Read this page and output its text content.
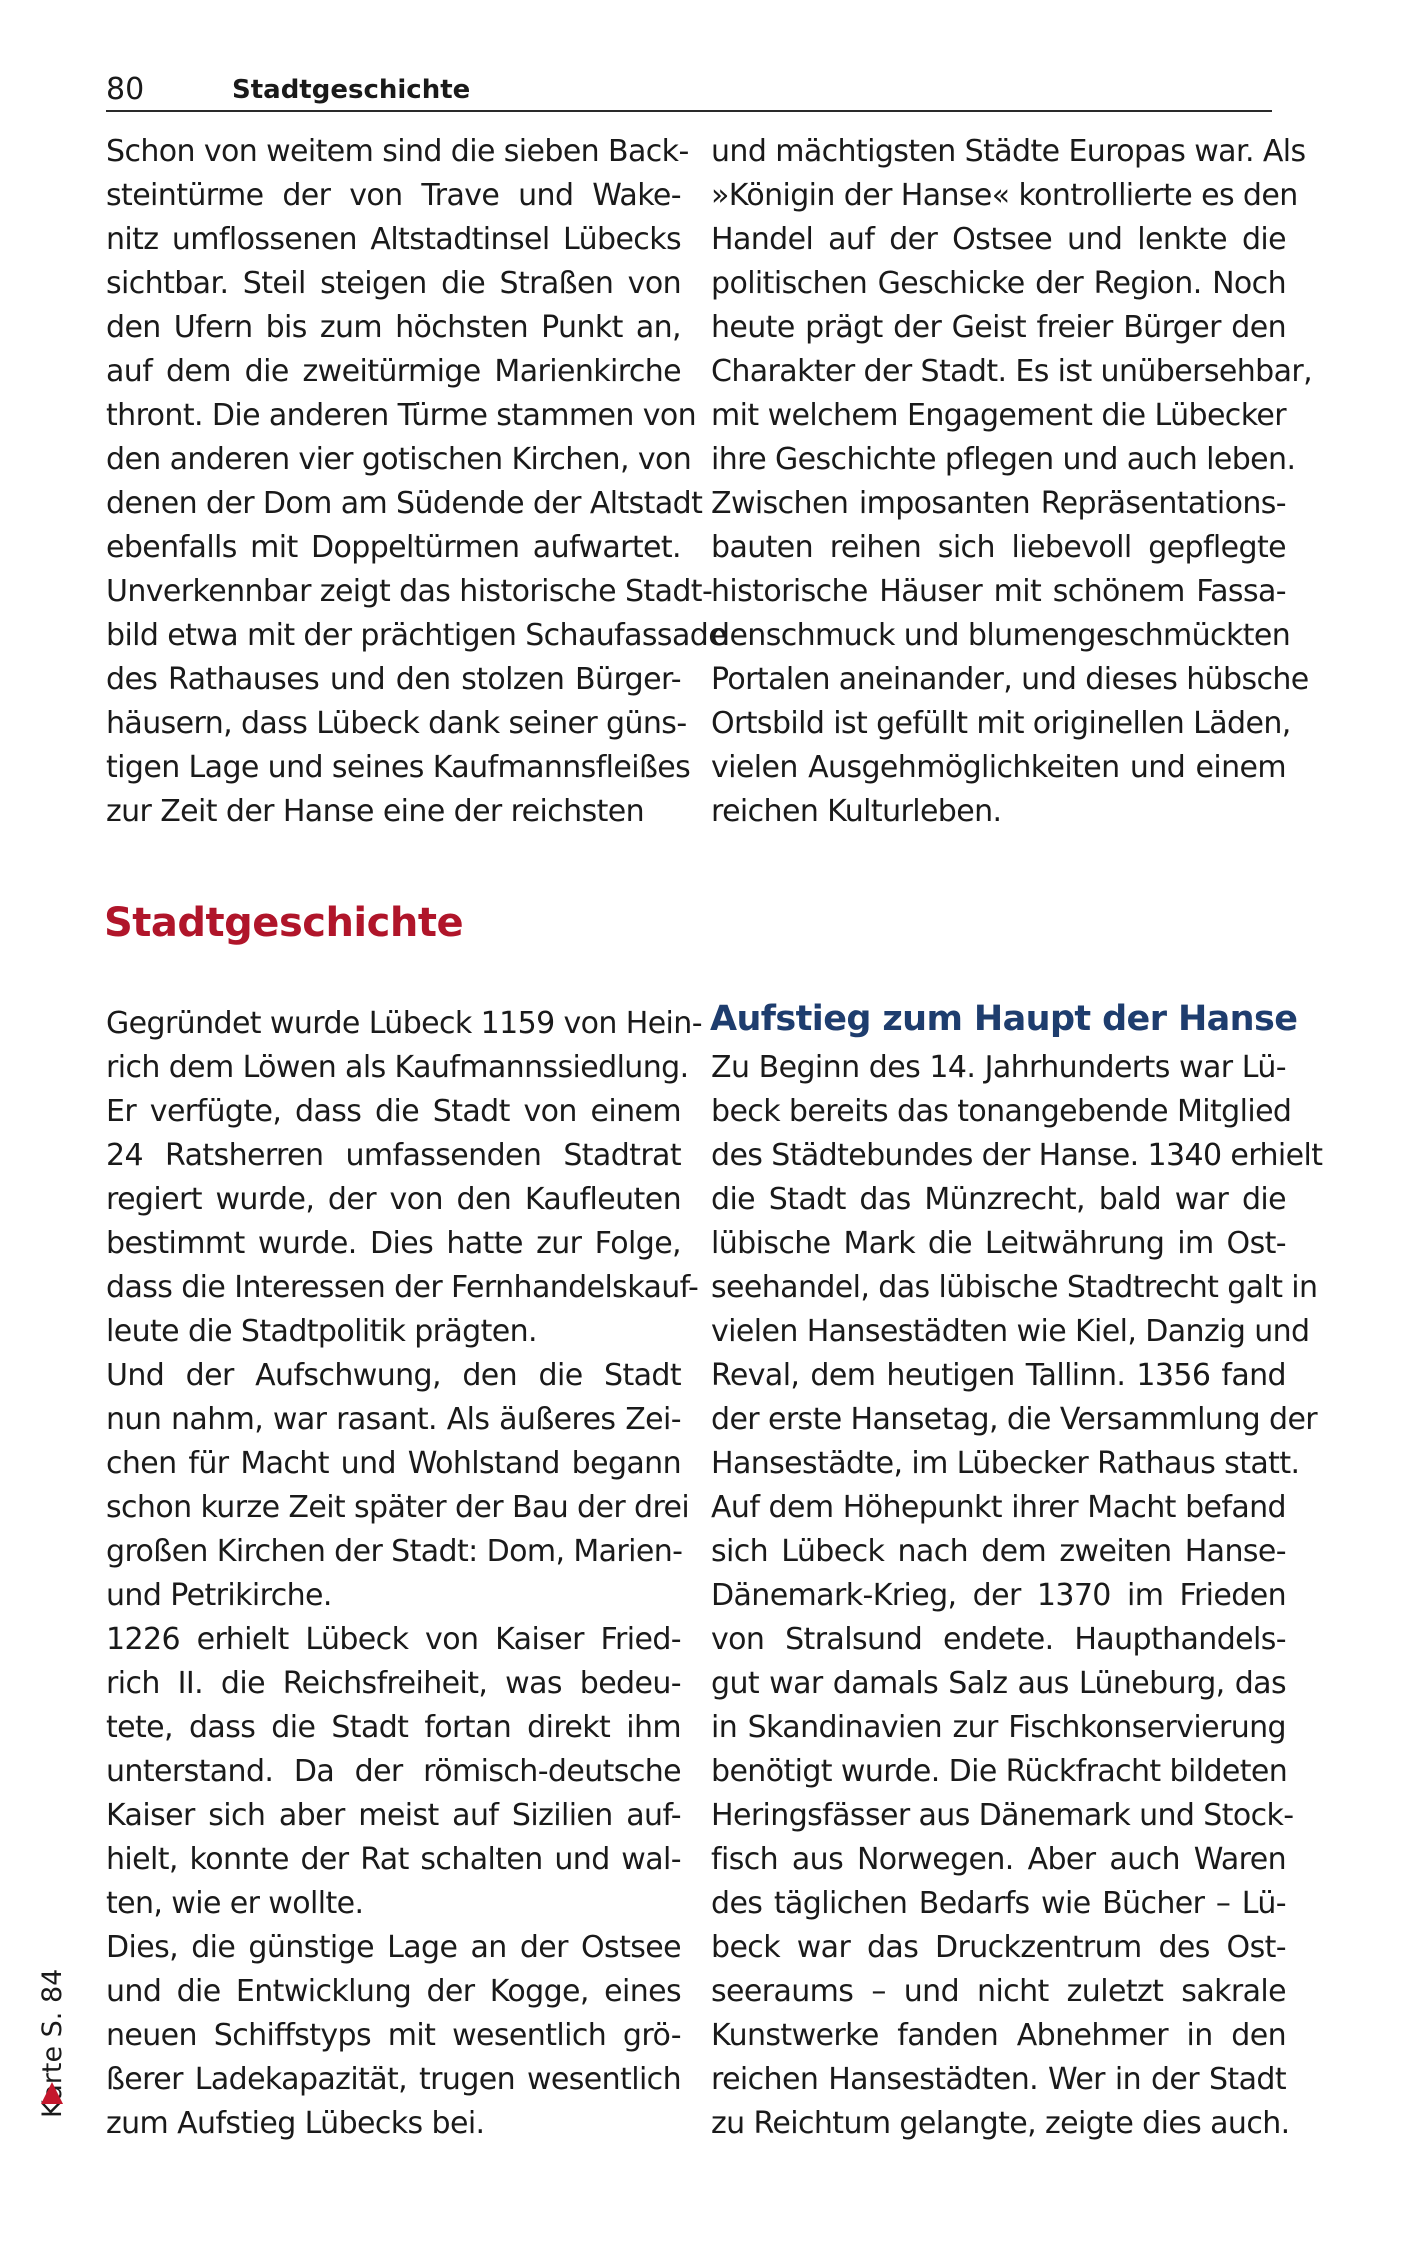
80	Stadtgeschichte
Schon von weitem sind die sieben Back-
steintürme der von Trave und Wake-
nitz umflossenen Altstadtinsel Lübecks
sichtbar. Steil steigen die Straßen von
den Ufern bis zum höchsten Punkt an,
auf dem die zweitürmige Marienkirche
thront. Die anderen Türme stammen von
den anderen vier gotischen Kirchen, von
denen der Dom am Südende der Altstadt
ebenfalls mit Doppeltürmen aufwartet.
Unverkennbar zeigt das historische Stadt-
bild etwa mit der prächtigen Schaufassade
des Rathauses und den stolzen Bürger-
häusern, dass Lübeck dank seiner güns-
tigen Lage und seines Kaufmannsfleißes
zur Zeit der Hanse eine der reichsten
und mächtigsten Städte Europas war. Als
»Königin der Hanse« kontrollierte es den
Handel auf der Ostsee und lenkte die
politischen Geschicke der Region. Noch
heute prägt der Geist freier Bürger den
Charakter der Stadt. Es ist unübersehbar,
mit welchem Engagement die Lübecker
ihre Geschichte pflegen und auch leben.
Zwischen imposanten Repräsentations-
bauten reihen sich liebevoll gepflegte
historische Häuser mit schönem Fassa-
denschmuck und blumengeschmückten
Portalen aneinander, und dieses hübsche
Ortsbild ist gefüllt mit originellen Läden,
vielen Ausgehmöglichkeiten und einem
reichen Kulturleben.
Stadtgeschichte
Gegründet wurde Lübeck 1159 von Hein-
rich dem Löwen als Kaufmannssiedlung.
Er verfügte, dass die Stadt von einem
24 Ratsherren umfassenden Stadtrat
regiert wurde, der von den Kaufleuten
bestimmt wurde. Dies hatte zur Folge,
dass die Interessen der Fernhandelskauf-
leute die Stadtpolitik prägten.
Und der Aufschwung, den die Stadt
nun nahm, war rasant. Als äußeres Zei-
chen für Macht und Wohlstand begann
schon kurze Zeit später der Bau der drei
großen Kirchen der Stadt: Dom, Marien-
und Petrikirche.
1226 erhielt Lübeck von Kaiser Fried-
rich II. die Reichsfreiheit, was bedeu-
tete, dass die Stadt fortan direkt ihm
unterstand. Da der römisch-deutsche
Kaiser sich aber meist auf Sizilien auf-
hielt, konnte der Rat schalten und wal-
ten, wie er wollte.
Dies, die günstige Lage an der Ostsee
und die Entwicklung der Kogge, eines
neuen Schiffstyps mit wesentlich grö-
ßerer Ladekapazität, trugen wesentlich
zum Aufstieg Lübecks bei.
Aufstieg zum Haupt der Hanse
Zu Beginn des 14. Jahrhunderts war Lü-
beck bereits das tonangebende Mitglied
des Städtebundes der Hanse. 1340 erhielt
die Stadt das Münzrecht, bald war die
lübische Mark die Leitwährung im Ost-
seehandel, das lübische Stadtrecht galt in
vielen Hansestädten wie Kiel, Danzig und
Reval, dem heutigen Tallinn. 1356 fand
der erste Hansetag, die Versammlung der
Hansestädte, im Lübecker Rathaus statt.
Auf dem Höhepunkt ihrer Macht befand
sich Lübeck nach dem zweiten Hanse-
Dänemark-Krieg, der 1370 im Frieden
von Stralsund endete. Haupthandels-
gut war damals Salz aus Lüneburg, das
in Skandinavien zur Fischkonservierung
benötigt wurde. Die Rückfracht bildeten
Heringsfässer aus Dänemark und Stock-
fisch aus Norwegen. Aber auch Waren
des täglichen Bedarfs wie Bücher – Lü-
beck war das Druckzentrum des Ost-
seeraums – und nicht zuletzt sakrale
Kunstwerke fanden Abnehmer in den
reichen Hansestädten. Wer in der Stadt
zu Reichtum gelangte, zeigte dies auch.
Karte S. 84
